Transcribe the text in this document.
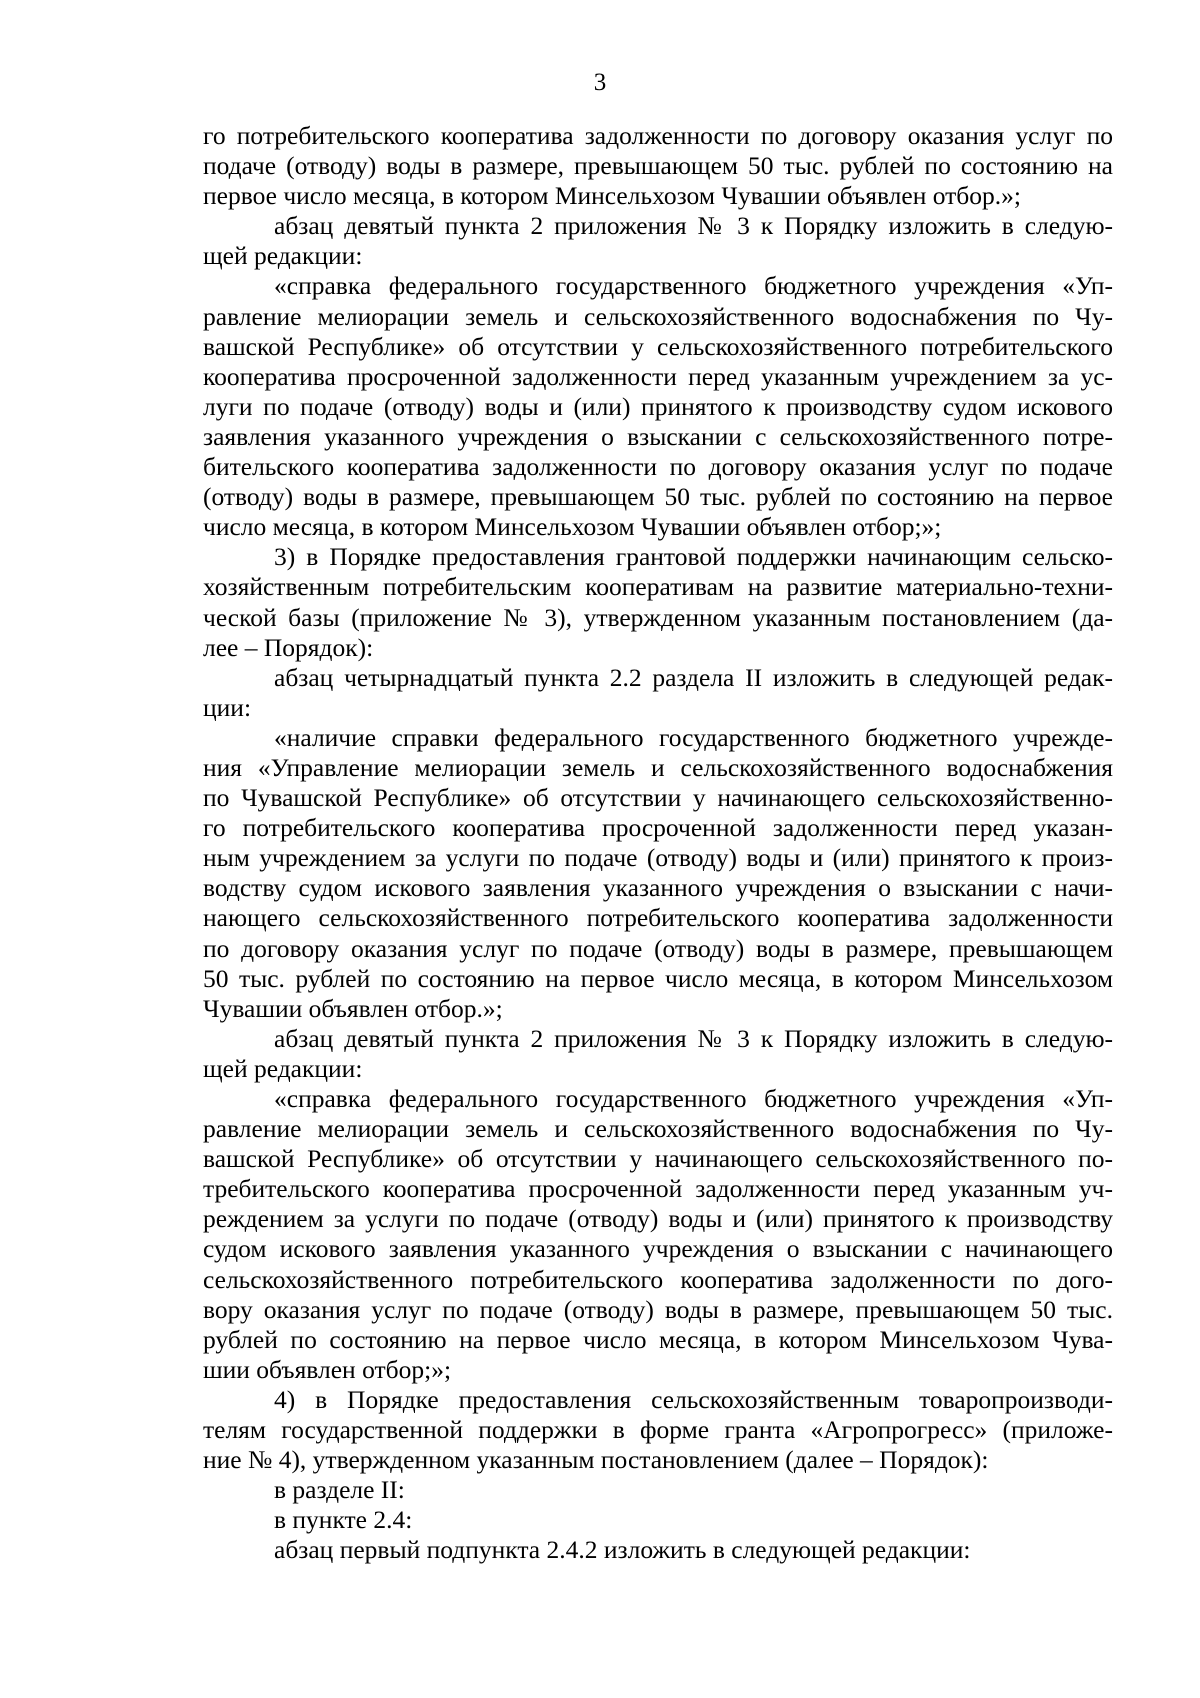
3
го потребительского кооператива задолженности по договору оказания услуг по
подаче (отводу) воды в размере, превышающем 50 тыс. рублей по состоянию на
первое число месяца, в котором Минсельхозом Чувашии объявлен отбор.»;
абзац девятый пункта 2 приложения № 3 к Порядку изложить в следую-
щей редакции:
«справка федерального государственного бюджетного учреждения «Уп-
равление мелиорации земель и сельскохозяйственного водоснабжения по Чу-
вашской Республике» об отсутствии у сельскохозяйственного потребительского
кооператива просроченной задолженности перед указанным учреждением за ус-
луги по подаче (отводу) воды и (или) принятого к производству судом искового
заявления указанного учреждения о взыскании с сельскохозяйственного потре-
бительского кооператива задолженности по договору оказания услуг по подаче
(отводу) воды в размере, превышающем 50 тыс. рублей по состоянию на первое
число месяца, в котором Минсельхозом Чувашии объявлен отбор;»;
3) в Порядке предоставления грантовой поддержки начинающим сельско-
хозяйственным потребительским кооперативам на развитие материально-техни-
ческой базы (приложение № 3), утвержденном указанным постановлением (да-
лее – Порядок):
абзац четырнадцатый пункта 2.2 раздела II изложить в следующей редак-
ции:
«наличие справки федерального государственного бюджетного учрежде-
ния «Управление мелиорации земель и сельскохозяйственного водоснабжения
по Чувашской Республике» об отсутствии у начинающего сельскохозяйственно-
го потребительского кооператива просроченной задолженности перед указан-
ным учреждением за услуги по подаче (отводу) воды и (или) принятого к произ-
водству судом искового заявления указанного учреждения о взыскании с начи-
нающего сельскохозяйственного потребительского кооператива задолженности
по договору оказания услуг по подаче (отводу) воды в размере, превышающем
50 тыс. рублей по состоянию на первое число месяца, в котором Минсельхозом
Чувашии объявлен отбор.»;
абзац девятый пункта 2 приложения № 3 к Порядку изложить в следую-
щей редакции:
«справка федерального государственного бюджетного учреждения «Уп-
равление мелиорации земель и сельскохозяйственного водоснабжения по Чу-
вашской Республике» об отсутствии у начинающего сельскохозяйственного по-
требительского кооператива просроченной задолженности перед указанным уч-
реждением за услуги по подаче (отводу) воды и (или) принятого к производству
судом искового заявления указанного учреждения о взыскании с начинающего
сельскохозяйственного потребительского кооператива задолженности по дого-
вору оказания услуг по подаче (отводу) воды в размере, превышающем 50 тыс.
рублей по состоянию на первое число месяца, в котором Минсельхозом Чува-
шии объявлен отбор;»;
4) в Порядке предоставления сельскохозяйственным товаропроизводи-
телям государственной поддержки в форме гранта «Агропрогресс» (приложе-
ние № 4), утвержденном указанным постановлением (далее – Порядок):
в разделе II:
в пункте 2.4:
абзац первый подпункта 2.4.2 изложить в следующей редакции:
